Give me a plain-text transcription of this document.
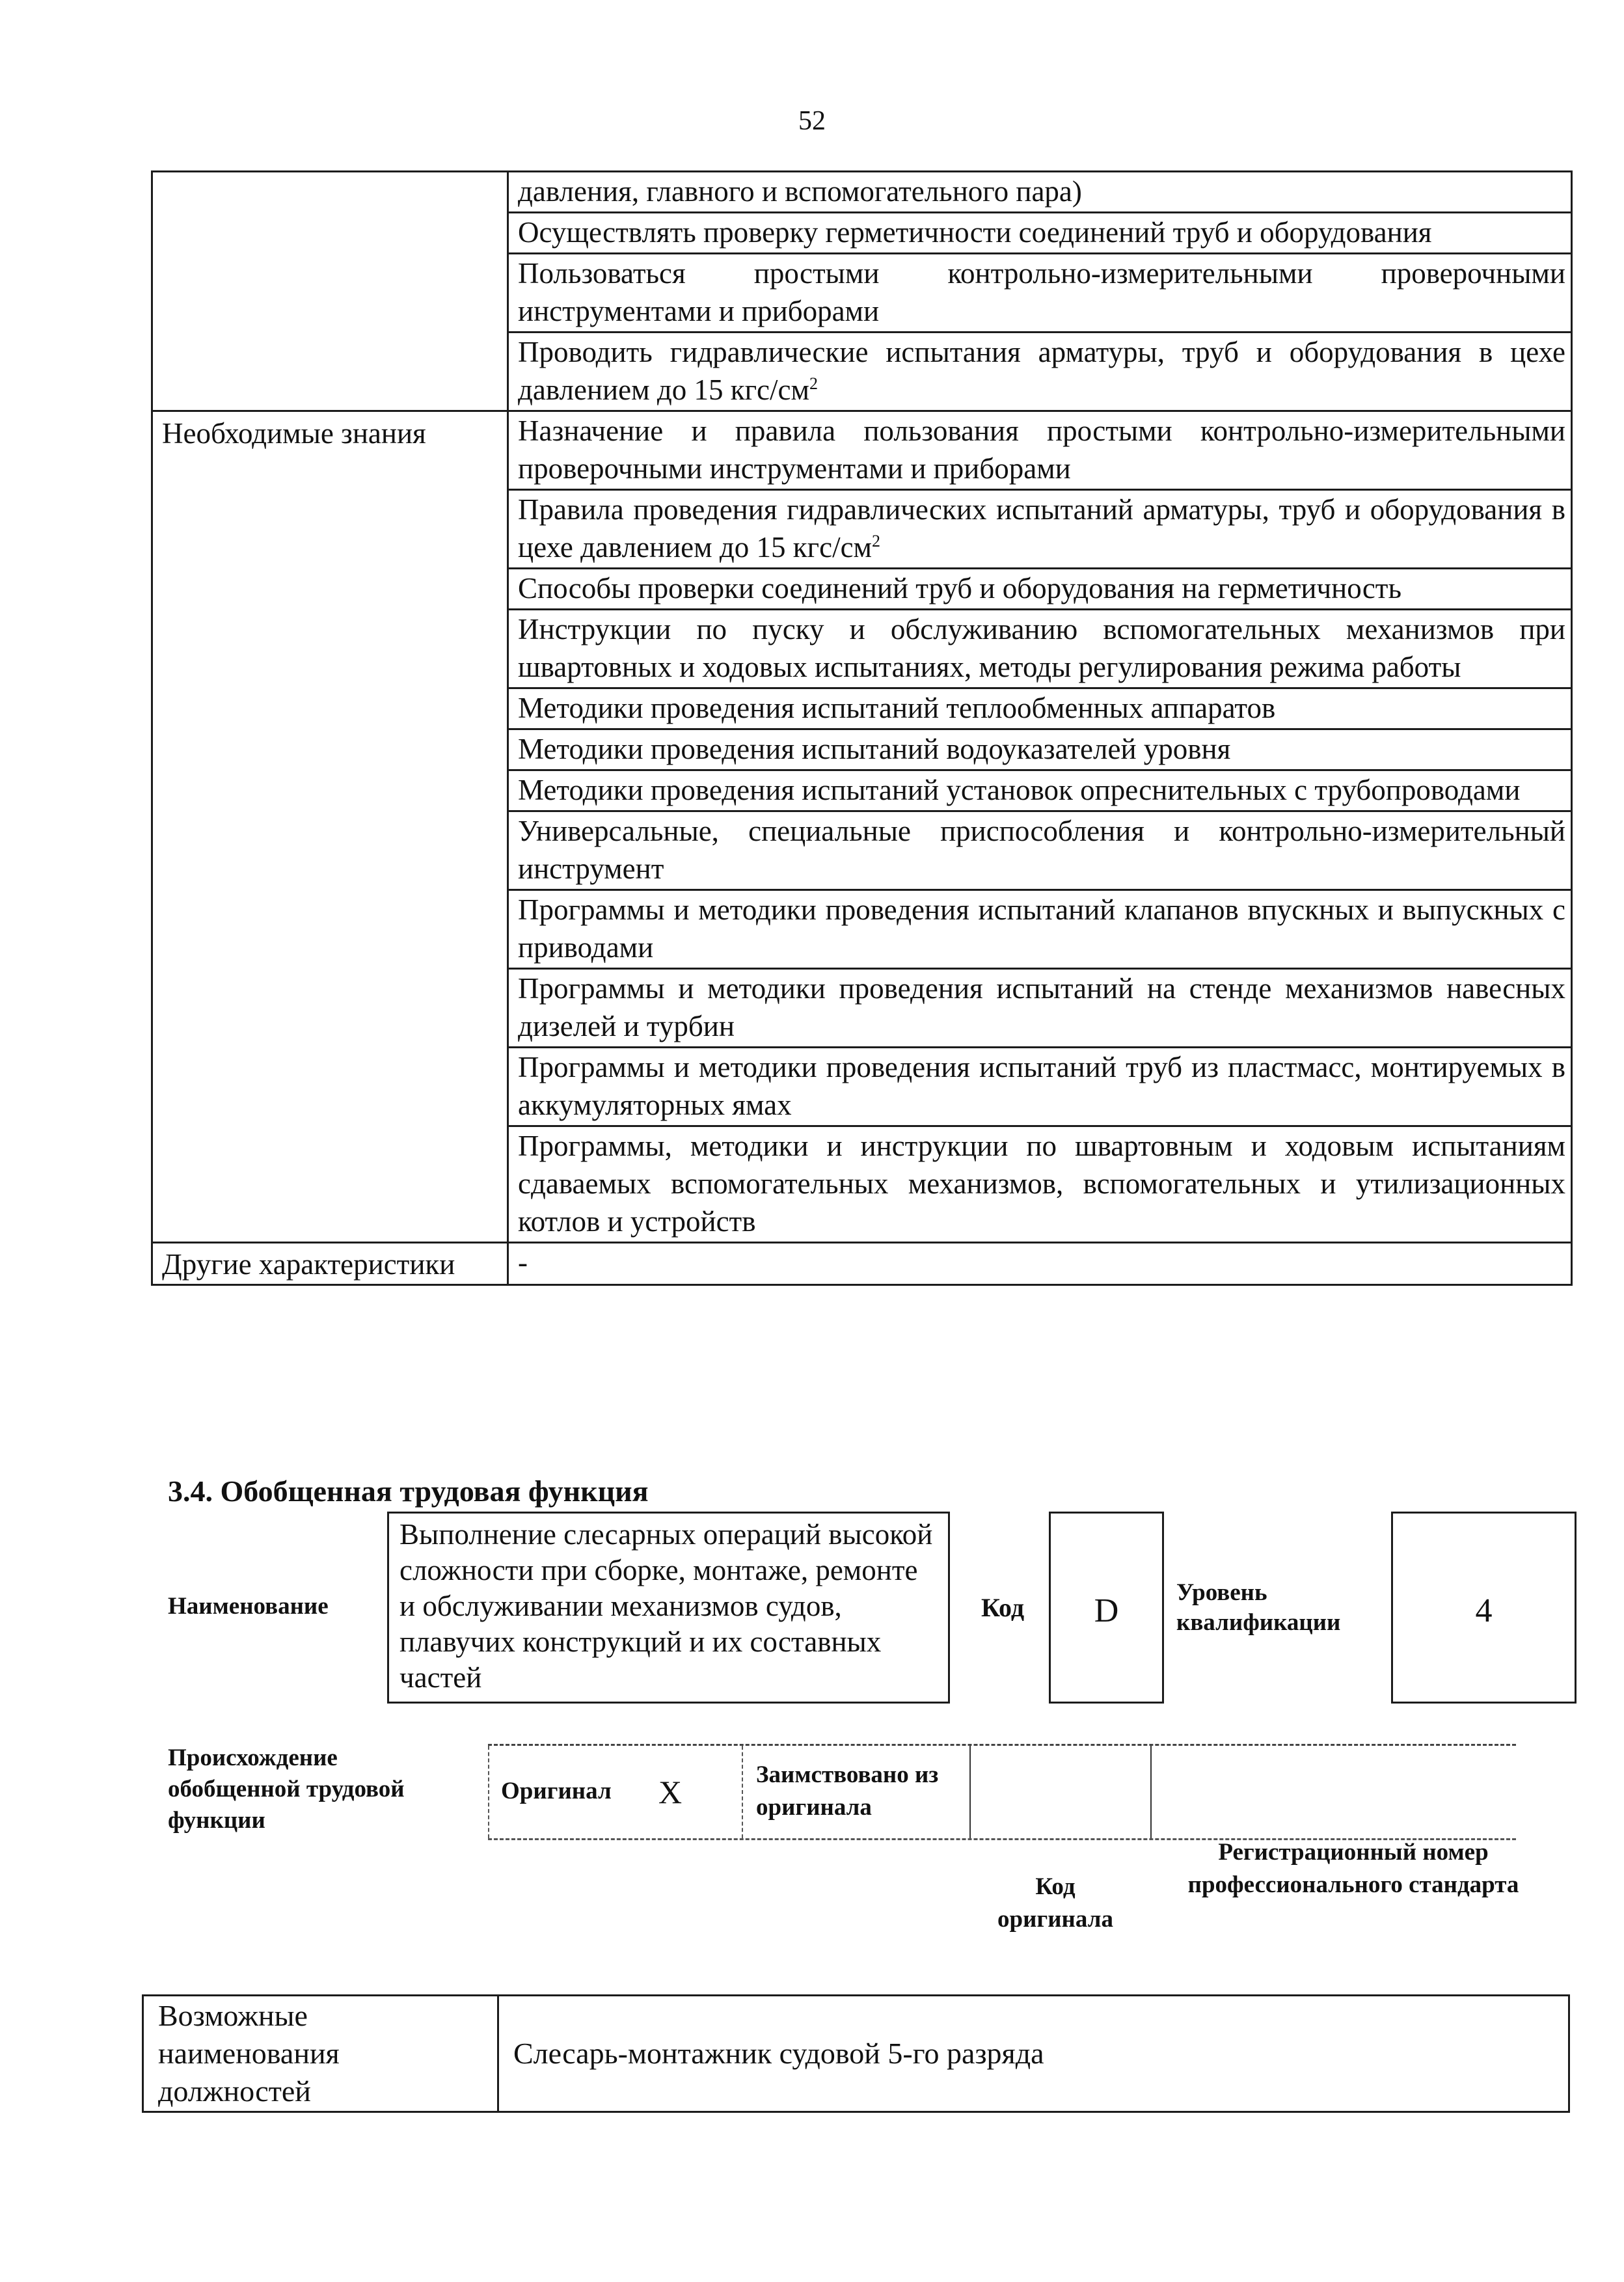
52
	давления, главного и вспомогательного пара)
	Осуществлять проверку герметичности соединений труб и оборудования
	Пользоваться простыми контрольно-измерительными проверочными инструментами и приборами
	Проводить гидравлические испытания арматуры, труб и оборудования в цехе давлением до 15 кгс/$см^2$
Необходимые знания	Назначение и правила пользования простыми контрольно-измерительными проверочными инструментами и приборами
	Правила проведения гидравлических испытаний арматуры, труб и оборудования в цехе давлением до 15 кгс/$см^2$
	Способы проверки соединений труб и оборудования на герметичность
	Инструкции по пуску и обслуживанию вспомогательных механизмов при швартовных и ходовых испытаниях, методы регулирования режима работы
	Методики проведения испытаний теплообменных аппаратов
	Методики проведения испытаний водоуказателей уровня
	Методики проведения испытаний установок опреснительных с трубопроводами
	Универсальные, специальные приспособления и контрольно-измерительный инструмент
	Программы и методики проведения испытаний клапанов впускных и выпускных с приводами
	Программы и методики проведения испытаний на стенде механизмов навесных дизелей и турбин
	Программы и методики проведения испытаний труб из пластмасс, монтируемых в аккумуляторных ямах
	Программы, методики и инструкции по швартовным и ходовым испытаниям сдаваемых вспомогательных механизмов, вспомогательных и утилизационных котлов и устройств
Другие характеристики	-
3.4. Обобщенная трудовая функция
Наименование
Выполнение слесарных операций высокой сложности при сборке, монтаже, ремонте и обслуживании механизмов судов, плавучих конструкций и их составных частей
Код	D	Уровень квалификации	4
Происхождение обобщенной трудовой функции
Оригинал X	Заимствовано из оригинала
Код оригинала
Регистрационный номер профессионального стандарта
Возможные наименования должностей	Слесарь-монтажник судовой 5-го разряда
